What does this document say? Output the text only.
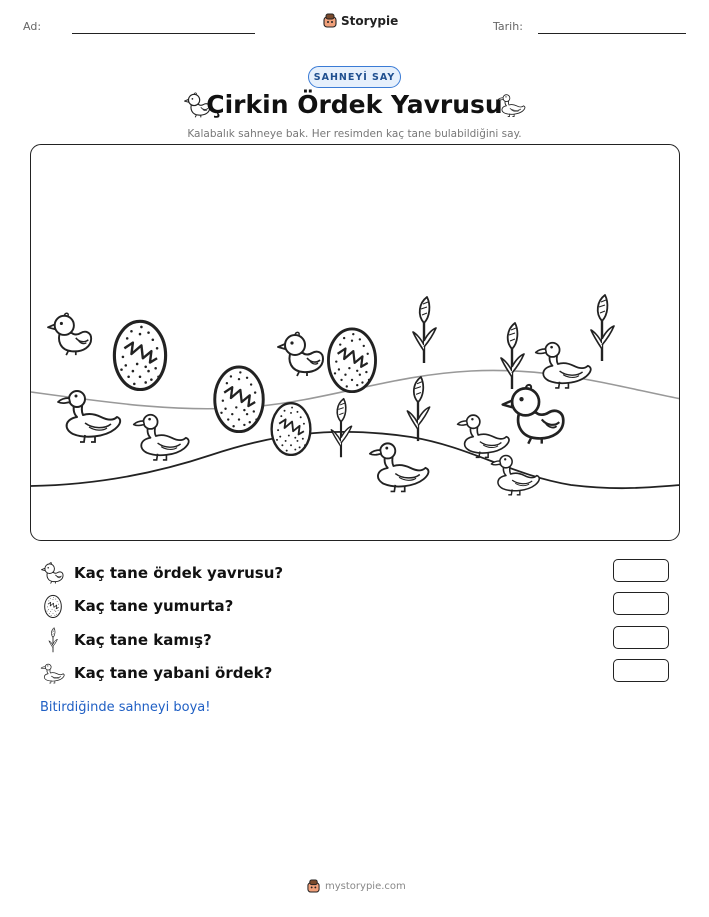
Ad:	Storypie	Tarih:
SAHNEYİ SAY
Çirkin Ördek Yavrusu
Kalabalık sahneye bak. Her resimden kaç tane bulabildiğini say.
Kaç tane ördek yavrusu?
Kaç tane yumurta?
Kaç tane kamış?
Kaç tane yabani ördek?
Bitirdiğinde sahneyi boya!
mystorypie.com
